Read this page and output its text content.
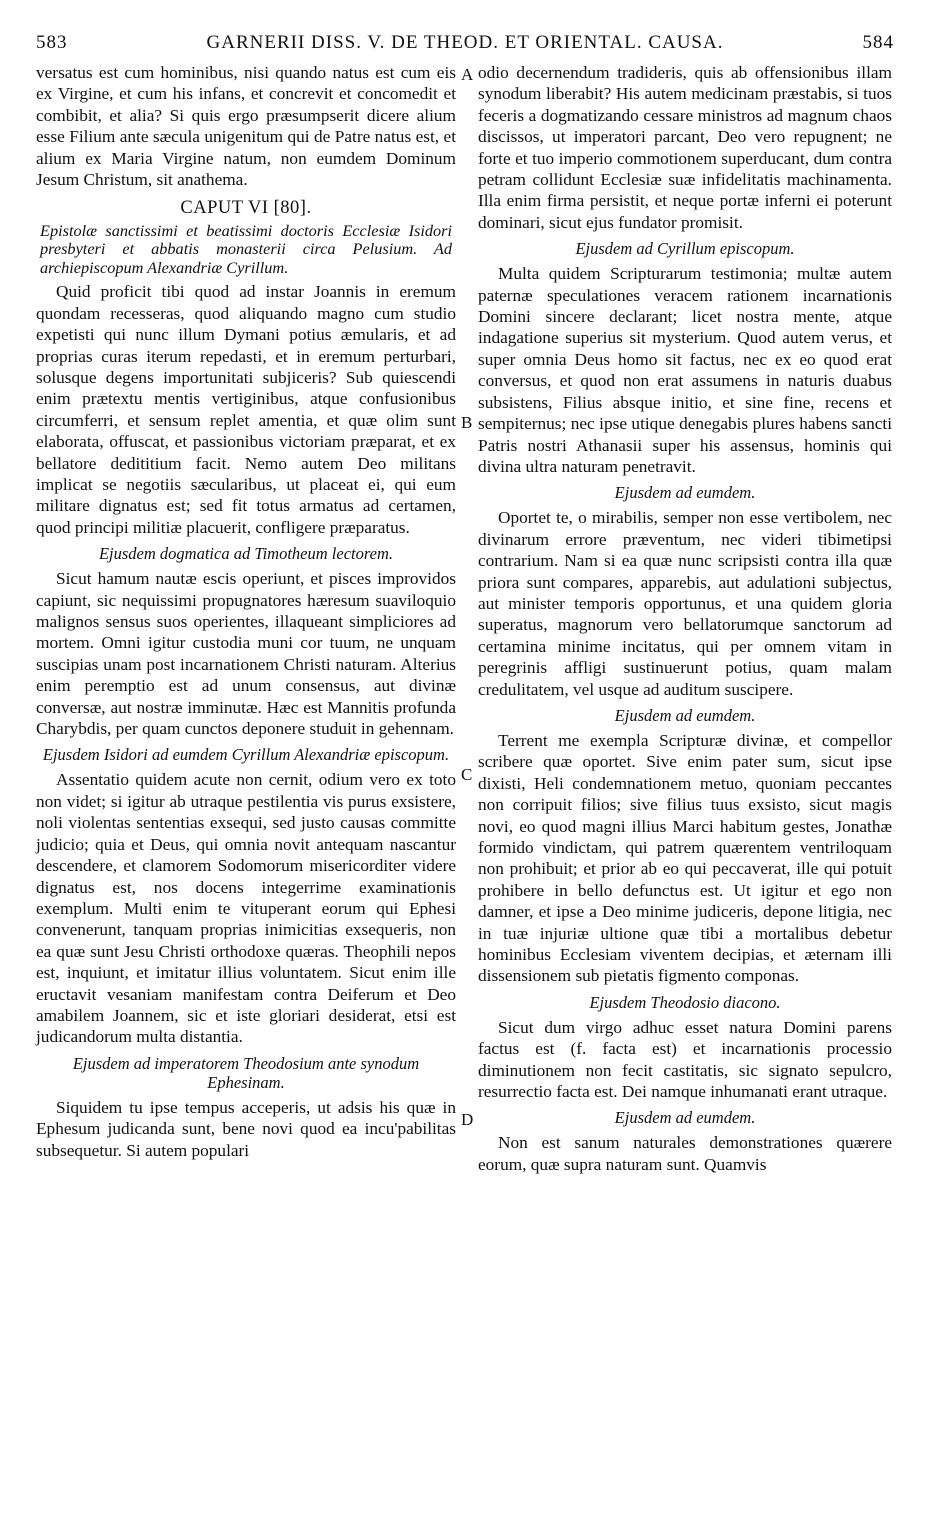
583	GARNERII DISS. V. DE THEOD. ET ORIENTAL. CAUSA.	584
A
B
C
D

versatus est cum hominibus, nisi quando natus est cum eis ex Virgine, et cum his infans, et concrevit et concomedit et combibit, et alia? Si quis ergo præsumpserit dicere alium esse Filium ante sæcula unigenitum qui de Patre natus est, et alium ex Maria Virgine natum, non eumdem Dominum Jesum Christum, sit anathema.

CAPUT VI [80].
Epistolæ sanctissimi et beatissimi doctoris Ecclesiæ Isidori presbyteri et abbatis monasterii circa Pelusium. Ad archiepiscopum Alexandriæ Cyrillum.

Quid proficit tibi quod ad instar Joannis in eremum quondam recesseras, quod aliquando magno cum studio expetisti qui nunc illum Dymani potius æmularis, et ad proprias curas iterum repedasti, et in eremum perturbari, solusque degens importunitati subjiceris? Sub quiescendi enim prætextu mentis vertiginibus, atque confusionibus circumferri, et sensum replet amentia, et quæ olim sunt elaborata, offuscat, et passionibus victoriam præparat, et ex bellatore dedititium facit. Nemo autem Deo militans implicat se negotiis sæcularibus, ut placeat ei, qui eum militare dignatus est; sed fit totus armatus ad certamen, quod principi militiæ placuerit, confligere præparatus.

Ejusdem dogmatica ad Timotheum lectorem.

Sicut hamum nautæ escis operiunt, et pisces improvidos capiunt, sic nequissimi propugnatores hæresum suaviloquio malignos sensus suos operientes, illaqueant simpliciores ad mortem. Omni igitur custodia muni cor tuum, ne unquam suscipias unam post incarnationem Christi naturam. Alterius enim peremptio est ad unum consensus, aut divinæ conversæ, aut nostræ imminutæ. Hæc est Mannitis profunda Charybdis, per quam cunctos deponere studuit in gehennam.

Ejusdem Isidori ad eumdem Cyrillum Alexandriæ episcopum.

Assentatio quidem acute non cernit, odium vero ex toto non videt; si igitur ab utraque pestilentia vis purus exsistere, noli violentas sententias exsequi, sed justo causas committe judicio; quia et Deus, qui omnia novit antequam nascantur descendere, et clamorem Sodomorum misericorditer videre dignatus est, nos docens integerrime examinationis exemplum. Multi enim te vituperant eorum qui Ephesi convenerunt, tanquam proprias inimicitias exsequeris, non ea quæ sunt Jesu Christi orthodoxe quæras. Theophili nepos est, inquiunt, et imitatur illius voluntatem. Sicut enim ille eructavit vesaniam manifestam contra Deiferum et Deo amabilem Joannem, sic et iste gloriari desiderat, etsi est judicandorum multa distantia.

Ejusdem ad imperatorem Theodosium ante synodum Ephesinam.

Siquidem tu ipse tempus acceperis, ut adsis his quæ in Ephesum judicanda sunt, bene novi quod ea incu'pabilitas subsequetur. Si autem populari

odio decernendum tradideris, quis ab offensionibus illam synodum liberabit? His autem medicinam præstabis, si tuos feceris a dogmatizando cessare ministros ad magnum chaos discissos, ut imperatori parcant, Deo vero repugnent; ne forte et tuo imperio commotionem superducant, dum contra petram collidunt Ecclesiæ suæ infidelitatis machinamenta. Illa enim firma persistit, et neque portæ inferni ei poterunt dominari, sicut ejus fundator promisit.

Ejusdem ad Cyrillum episcopum.

Multa quidem Scripturarum testimonia; multæ autem paternæ speculationes veracem rationem incarnationis Domini sincere declarant; licet nostra mente, atque indagatione superius sit mysterium. Quod autem verus, et super omnia Deus homo sit factus, nec ex eo quod erat conversus, et quod non erat assumens in naturis duabus subsistens, Filius absque initio, et sine fine, recens et sempiternus; nec ipse utique denegabis plures habens sancti Patris nostri Athanasii super his assensus, hominis qui divina ultra naturam penetravit.

Ejusdem ad eumdem.

Oportet te, o mirabilis, semper non esse vertibolem, nec divinarum errore præventum, nec videri tibimetipsi contrarium. Nam si ea quæ nunc scripsisti contra illa quæ priora sunt compares, apparebis, aut adulationi subjectus, aut minister temporis opportunus, et una quidem gloria superatus, magnorum vero bellatorumque sanctorum ad certamina minime incitatus, qui per omnem vitam in peregrinis affligi sustinuerunt potius, quam malam credulitatem, vel usque ad auditum suscipere.

Ejusdem ad eumdem.

Terrent me exempla Scripturæ divinæ, et compellor scribere quæ oportet. Sive enim pater sum, sicut ipse dixisti, Heli condemnationem metuo, quoniam peccantes non corripuit filios; sive filius tuus exsisto, sicut magis novi, eo quod magni illius Marci habitum gestes, Jonathæ formido vindictam, qui patrem quærentem ventriloquam non prohibuit; et prior ab eo qui peccaverat, ille qui potuit prohibere in bello defunctus est. Ut igitur et ego non damner, et ipse a Deo minime judiceris, depone litigia, nec in tuæ injuriæ ultione quæ tibi a mortalibus debetur hominibus Ecclesiam viventem decipias, et æternam illi dissensionem sub pietatis figmento componas.

Ejusdem Theodosio diacono.

Sicut dum virgo adhuc esset natura Domini parens factus est (f. facta est) et incarnationis processio diminutionem non fecit castitatis, sic signato sepulcro, resurrectio facta est. Dei namque inhumanati erant utraque.

Ejusdem ad eumdem.

Non est sanum naturales demonstrationes quærere eorum, quæ supra naturam sunt. Quamvis
